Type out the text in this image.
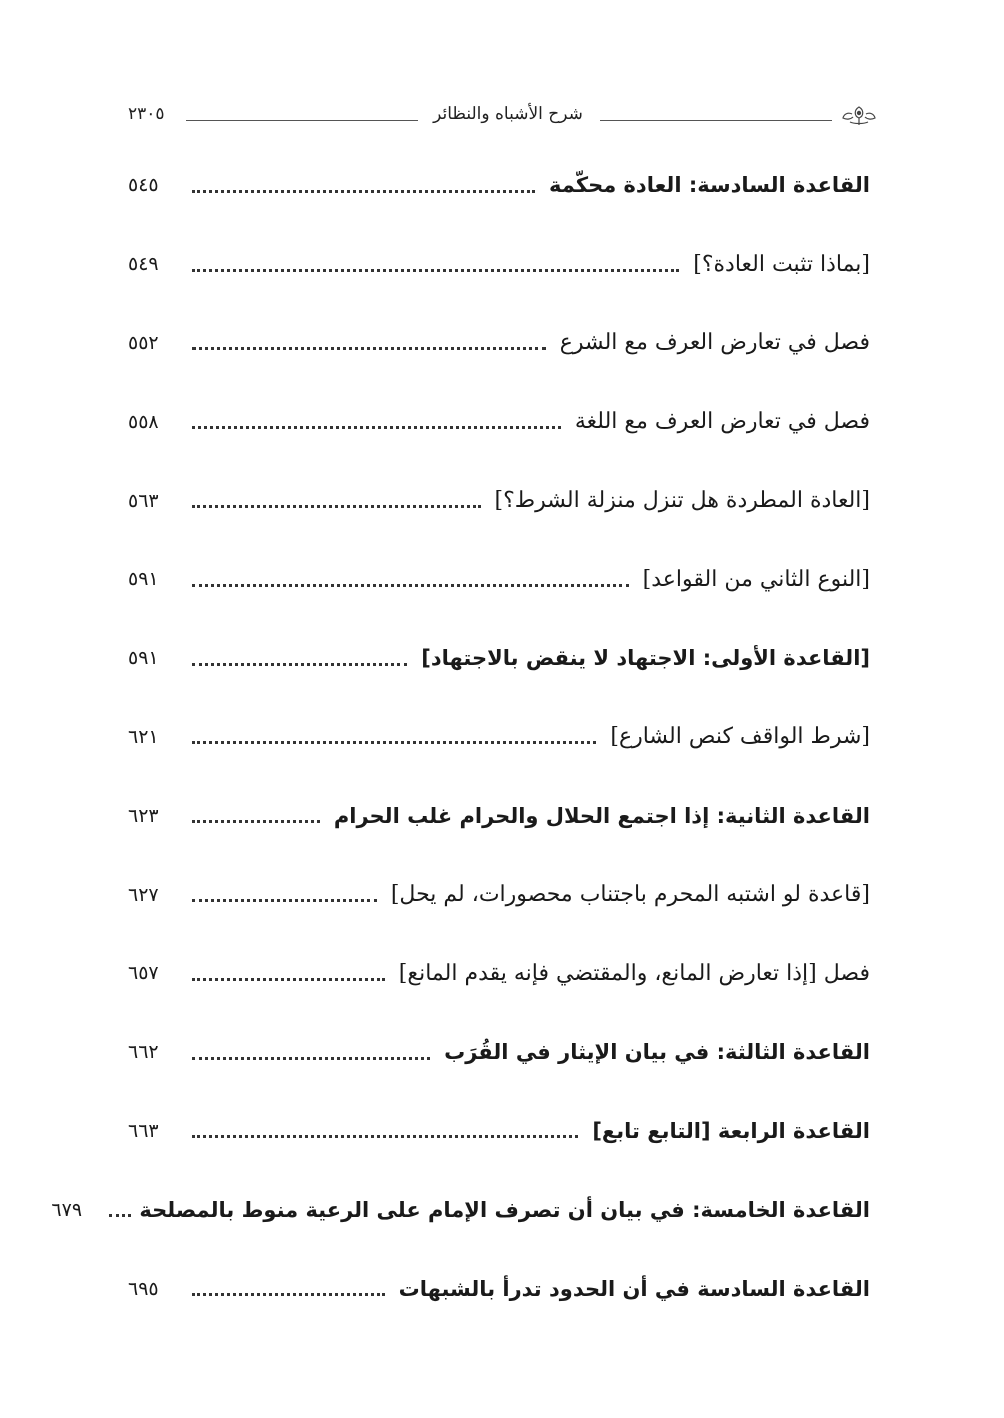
شرح الأشباه والنظائر
٢٣٠٥
القاعدة السادسة: العادة محكّمة
٥٤٥
[بماذا تثبت العادة؟]
٥٤٩
فصل في تعارض العرف مع الشرع
٥٥٢
فصل في تعارض العرف مع اللغة
٥٥٨
[العادة المطردة هل تنزل منزلة الشرط؟]
٥٦٣
[النوع الثاني من القواعد]
٥٩١
[القاعدة الأولى: الاجتهاد لا ينقض بالاجتهاد]
٥٩١
[شرط الواقف كنص الشارع]
٦٢١
القاعدة الثانية: إذا اجتمع الحلال والحرام غلب الحرام
٦٢٣
[قاعدة لو اشتبه المحرم باجتناب محصورات، لم يحل]
٦٢٧
فصل [إذا تعارض المانع، والمقتضي فإنه يقدم المانع]
٦٥٧
القاعدة الثالثة: في بيان الإيثار في القُرَب
٦٦٢
القاعدة الرابعة [التابع تابع]
٦٦٣
القاعدة الخامسة: في بيان أن تصرف الإمام على الرعية منوط بالمصلحة
٦٧٩
القاعدة السادسة في أن الحدود تدرأ بالشبهات
٦٩٥
